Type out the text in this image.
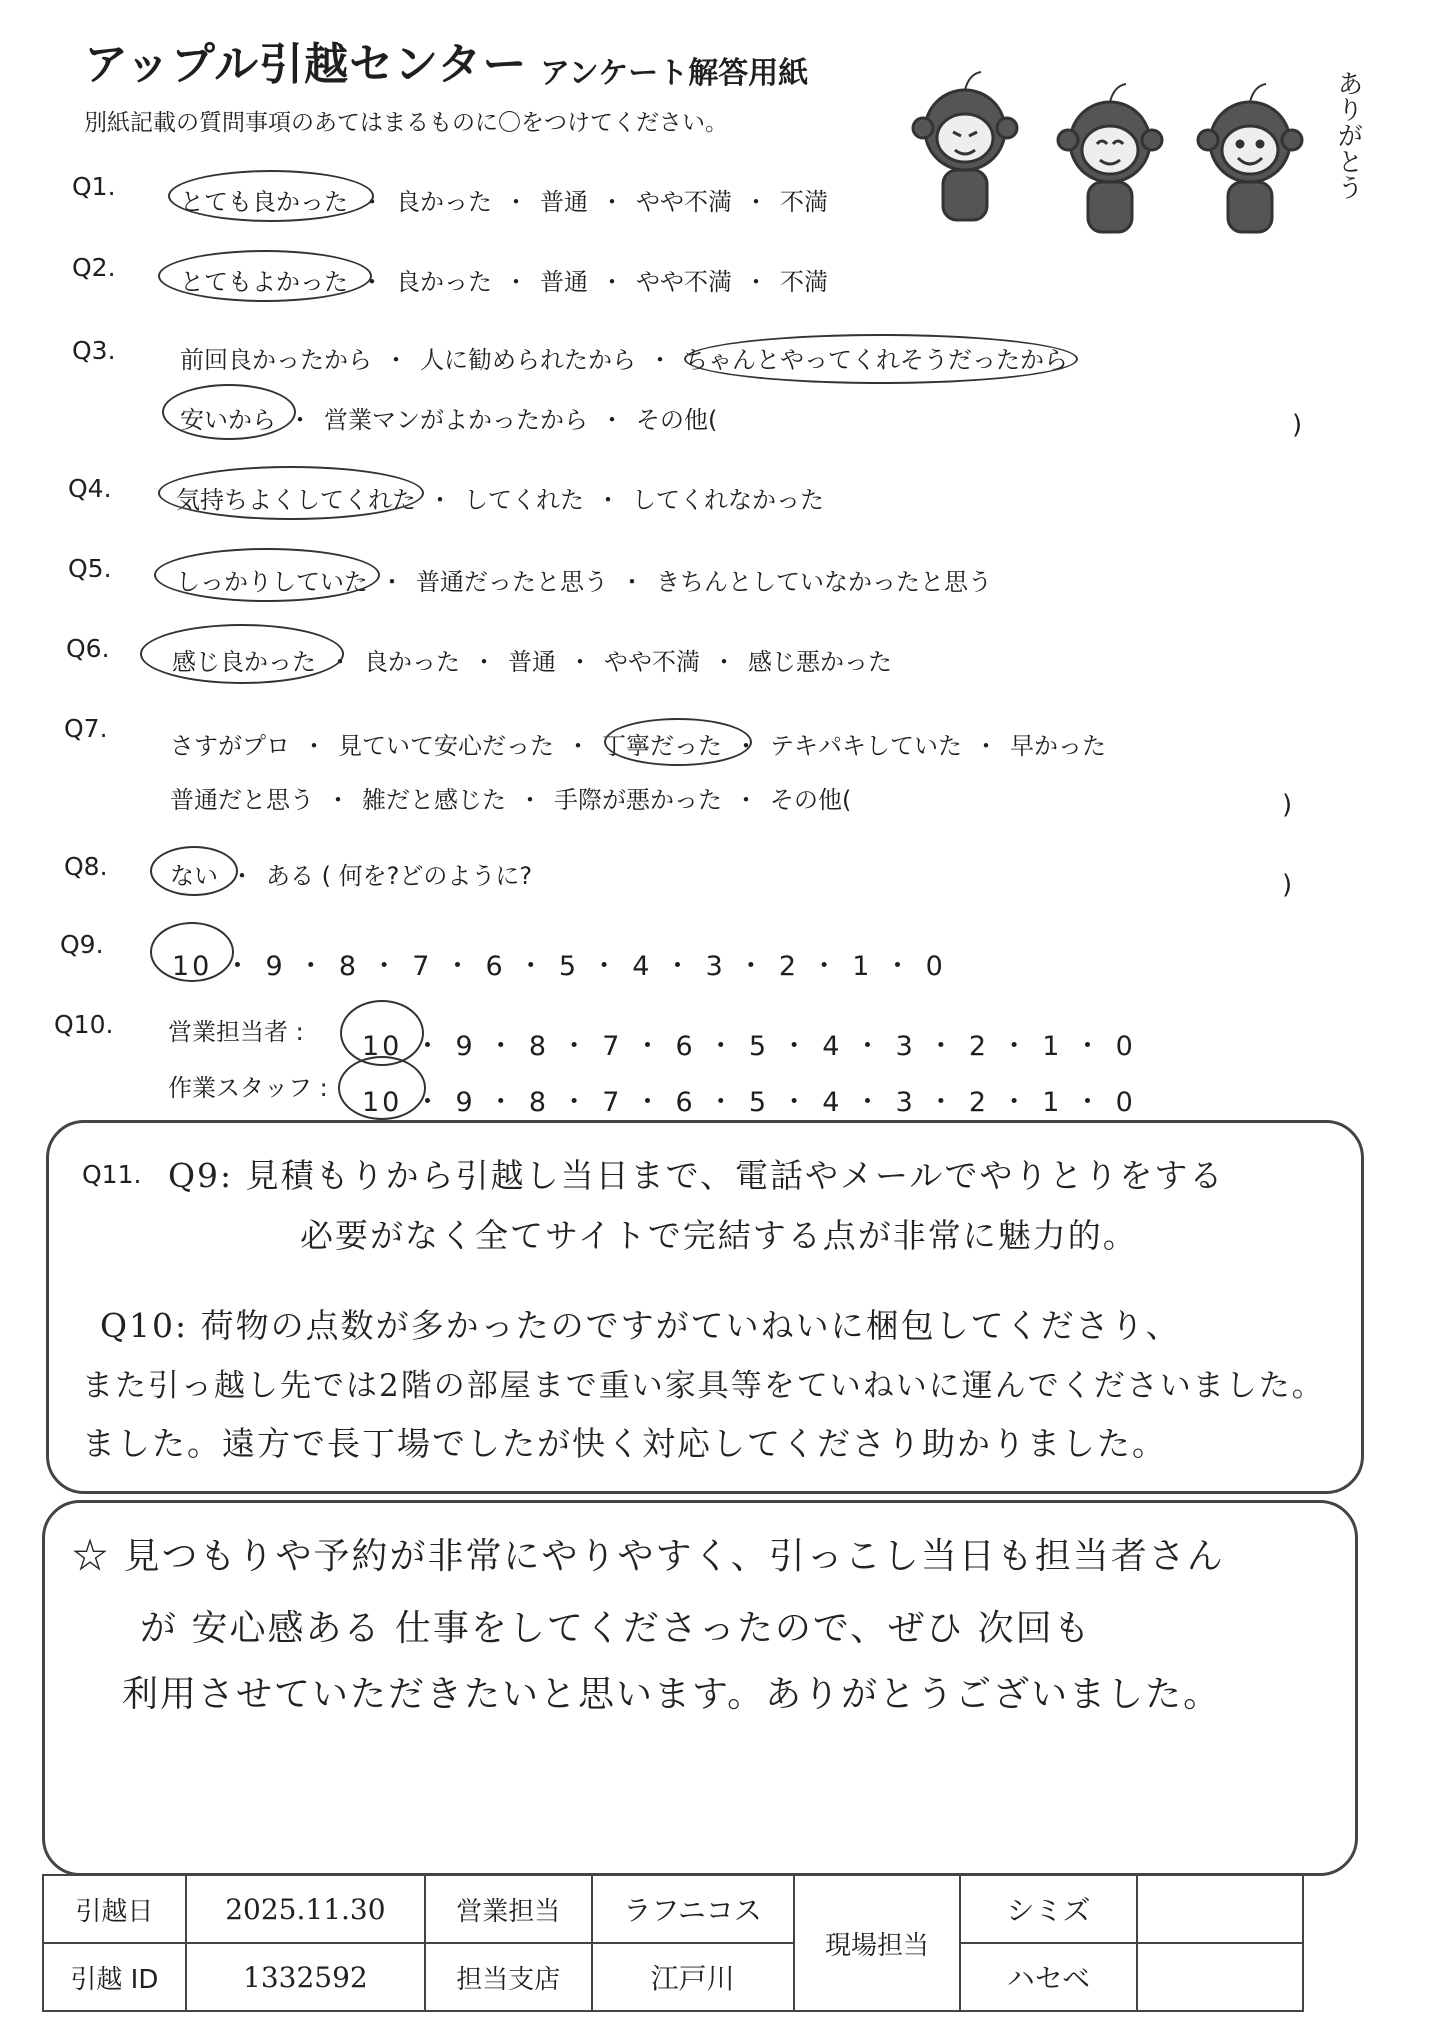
アップル引越センター アンケート解答用紙
別紙記載の質問事項のあてはまるものに〇をつけてください。	ありがとう
Q1.
とても良かった ・ 良かった ・ 普通 ・ やや不満 ・ 不満
Q2.	とてもよかった ・ 良かった ・ 普通 ・ やや不満 ・ 不満
Q3.	前回良かったから ・ 人に勧められたから ・ ちゃんとやってくれそうだったから
安いから ・ 営業マンがよかったから ・ その他(	)
Q4.	気持ちよくしてくれた ・ してくれた ・ してくれなかった
Q5.	しっかりしていた ・ 普通だったと思う ・ きちんとしていなかったと思う
Q6.	感じ良かった ・ 良かった ・ 普通 ・ やや不満 ・ 感じ悪かった
Q7.
さすがプロ ・ 見ていて安心だった ・ 丁寧だった ・ テキパキしていた ・ 早かった
普通だと思う ・ 雑だと感じた ・ 手際が悪かった ・ その他(	)
Q8.	ない ・ ある ( 何を?どのように?	)
Q9.
10 ・ 9 ・ 8 ・ 7 ・ 6 ・ 5 ・ 4 ・ 3 ・ 2 ・ 1 ・ 0
Q10. 営業担当者 : 10 ・ 9 ・ 8 ・ 7 ・ 6 ・ 5 ・ 4 ・ 3 ・ 2 ・ 1 ・ 0
作業スタッフ : 10 ・ 9 ・ 8 ・ 7 ・ 6 ・ 5 ・ 4 ・ 3 ・ 2 ・ 1 ・ 0
Q11. Q9: 見積もりから引越し当日まで、電話やメールでやりとりをする
必要がなく全てサイトで完結する点が非常に魅力的。
Q10: 荷物の点数が多かったのですがていねいに梱包してくださり、
また引っ越し先では2階の部屋まで重い家具等をていねいに運んでくださいました。
ました。遠方で長丁場でしたが快く対応してくださり助かりました。
☆ 見つもりや予約が非常にやりやすく、引っこし当日も担当者さん
が 安心感ある 仕事をしてくださったので、ぜひ 次回も
利用させていただきたいと思います。ありがとうございました。
引越日	2025.11.30	営業担当	ラフニコス	現場担当	シミズ	
引越 ID	1332592	担当支店	江戸川		ハセベ	
